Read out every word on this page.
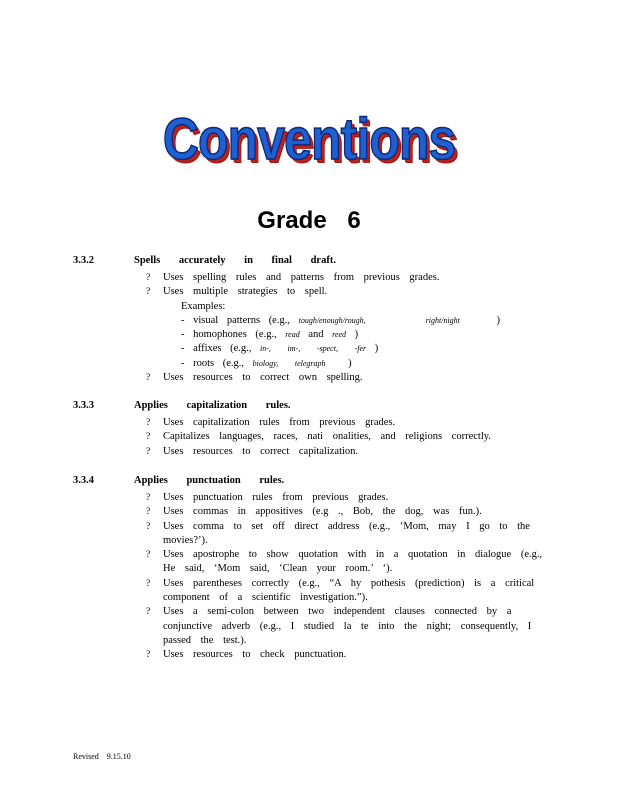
Conventions
Grade 6
3.3.2	Spells accurately in final draft.
? Uses spelling rules and patterns from previous grades.
? Uses multiple strategies to spell.
Examples:
- visual patterns (e.g., tough/enough/rough,	right/night	)
- homophones (e.g., read and reed )
- affixes (e.g., in-, im-, -spect, -fer )
- roots (e.g., biology, telegraph )
? Uses resources to correct own spelling.
3.3.3	Applies capitalization rules.
? Uses capitalization rules from previous grades.
? Capitalizes languages, races, nati onalities, and religions correctly.
? Uses resources to correct capitalization.
3.3.4	Applies punctuation rules.
? Uses punctuation rules from previous grades.
? Uses commas in appositives (e.g ., Bob, the dog, was fun.).
? Uses comma to set off direct address (e.g., ‘Mom, may I go to the movies?’).
? Uses apostrophe to show quotation with in a quotation in dialogue (e.g., He said, ‘Mom said, ‘Clean your room.’ ‘).
? Uses parentheses correctly (e.g., “A hy pothesis (prediction) is a critical component of a scientific investigation.”).
? Uses a semi-colon between two independent clauses connected by a conjunctive adverb (e.g., I studied la te into the night; consequently, I passed the test.).
? Uses resources to check punctuation.
Revised 9.15.10
